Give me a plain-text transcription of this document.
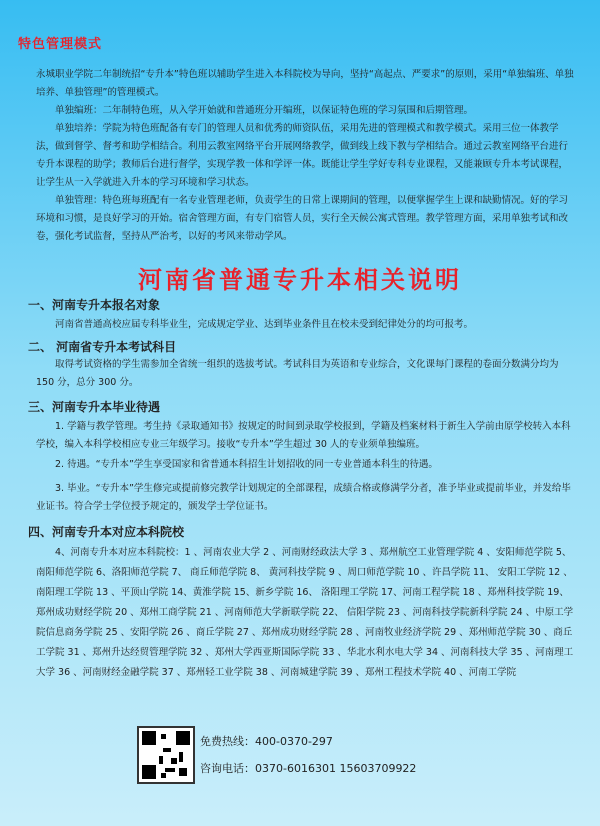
特色管理模式

永城职业学院二年制统招“专升本”特色班以辅助学生进入本科院校为导向，坚持“高起点、严要求”的原则，采用“单独编班、单独培养、单独管理”的管理模式。

单独编班：二年制特色班，从入学开始就和普通班分开编班，以保证特色班的学习氛围和后期管理。

单独培养：学院为特色班配备有专门的管理人员和优秀的师资队伍，采用先进的管理模式和教学模式。采用三位一体教学法，做到督学、督考和助学相结合。利用云教室网络平台开展网络教学，做到线上线下教与学相结合。通过云教室网络平台进行专升本课程的助学；教师后台进行督学，实现学教一体和学评一体。既能让学生学好专科专业课程，又能兼顾专升本考试课程，让学生从一入学就进入升本的学习环境和学习状态。

单独管理：特色班每班配有一名专业管理老师，负责学生的日常上课期间的管理，以便掌握学生上课和缺勤情况。好的学习环境和习惯，是良好学习的开始。宿舍管理方面，有专门宿管人员，实行全天候公寓式管理。教学管理方面，采用单独考试和改卷，强化考试监督，坚持从严治考，以好的考风来带动学风。

河南省普通专升本相关说明
一、河南专升本报名对象

河南省普通高校应届专科毕业生，完成规定学业、达到毕业条件且在校未受到纪律处分的均可报考。

二、 河南省专升本考试科目

取得考试资格的学生需参加全省统一组织的选拔考试。考试科目为英语和专业综合，文化课每门课程的卷面分数满分均为 150 分，总分 300 分。

三、河南专升本毕业待遇

1. 学籍与教学管理。考生持《录取通知书》按规定的时间到录取学校报到，学籍及档案材料于新生入学前由原学校转入本科学校，编入本科学校相应专业三年级学习。接收“专升本”学生超过 30 人的专业须单独编班。

2. 待遇。“专升本”学生享受国家和省普通本科招生计划招收的同一专业普通本科生的待遇。

3. 毕业。“专升本”学生修完或提前修完教学计划规定的全部课程，成绩合格或修满学分者，准予毕业或提前毕业，并发给毕业证书。符合学士学位授予规定的，颁发学士学位证书。

四、河南专升本对应本科院校

4、河南专升本对应本科院校：1 、河南农业大学 2 、河南财经政法大学 3 、郑州航空工业管理学院 4 、安阳师范学院 5、 南阳师范学院 6、洛阳师范学院 7、 商丘师范学院 8、 黄河科技学院 9 、周口师范学院 10 、许昌学院 11、 安阳工学院 12 、南阳理工学院 13 、平顶山学院 14、黄淮学院 15、新乡学院 16、 洛阳理工学院 17、河南工程学院 18 、郑州科技学院 19、 郑州成功财经学院 20 、郑州工商学院 21 、河南师范大学新联学院 22、 信阳学院 23 、河南科技学院新科学院 24 、中原工学院信息商务学院 25 、安阳学院 26 、商丘学院 27 、郑州成功财经学院 28 、河南牧业经济学院 29 、郑州师范学院 30 、商丘工学院 31 、郑州升达经贸管理学院 32 、郑州大学西亚斯国际学院 33 、华北水利水电大学 34 、河南科技大学 35 、河南理工大学 36 、河南财经金融学院 37 、郑州轻工业学院 38 、河南城建学院 39 、郑州工程技术学院 40 、河南工学院

免费热线：400-0370-297
咨询电话：0370-6016301 15603709922
